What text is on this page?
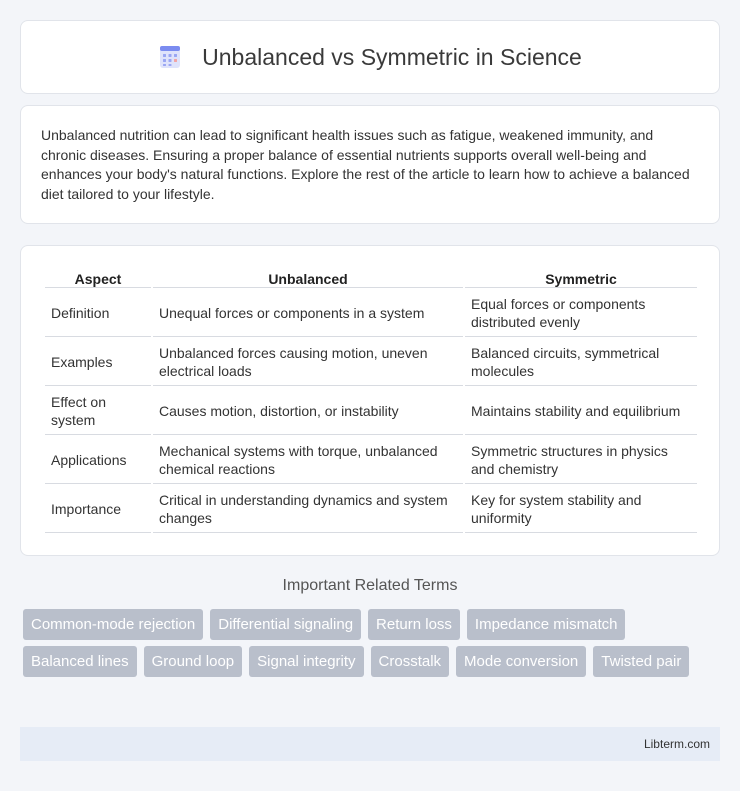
Unbalanced vs Symmetric in Science

Unbalanced nutrition can lead to significant health issues such as fatigue, weakened immunity, and chronic diseases. Ensuring a proper balance of essential nutrients supports overall well-being and enhances your body's natural functions. Explore the rest of the article to learn how to achieve a balanced diet tailored to your lifestyle.

Aspect	Unbalanced	Symmetric
Definition	Unequal forces or components in a system	Equal forces or components distributed evenly
Examples	Unbalanced forces causing motion, uneven electrical loads	Balanced circuits, symmetrical molecules
Effect on system	Causes motion, distortion, or instability	Maintains stability and equilibrium
Applications	Mechanical systems with torque, unbalanced chemical reactions	Symmetric structures in physics and chemistry
Importance	Critical in understanding dynamics and system changes	Key for system stability and uniformity
Important Related Terms
Common-mode rejection	Differential signaling	Return loss	Impedance mismatch
Balanced lines	Ground loop	Signal integrity	Crosstalk	Mode conversion	Twisted pair
Libterm.com
